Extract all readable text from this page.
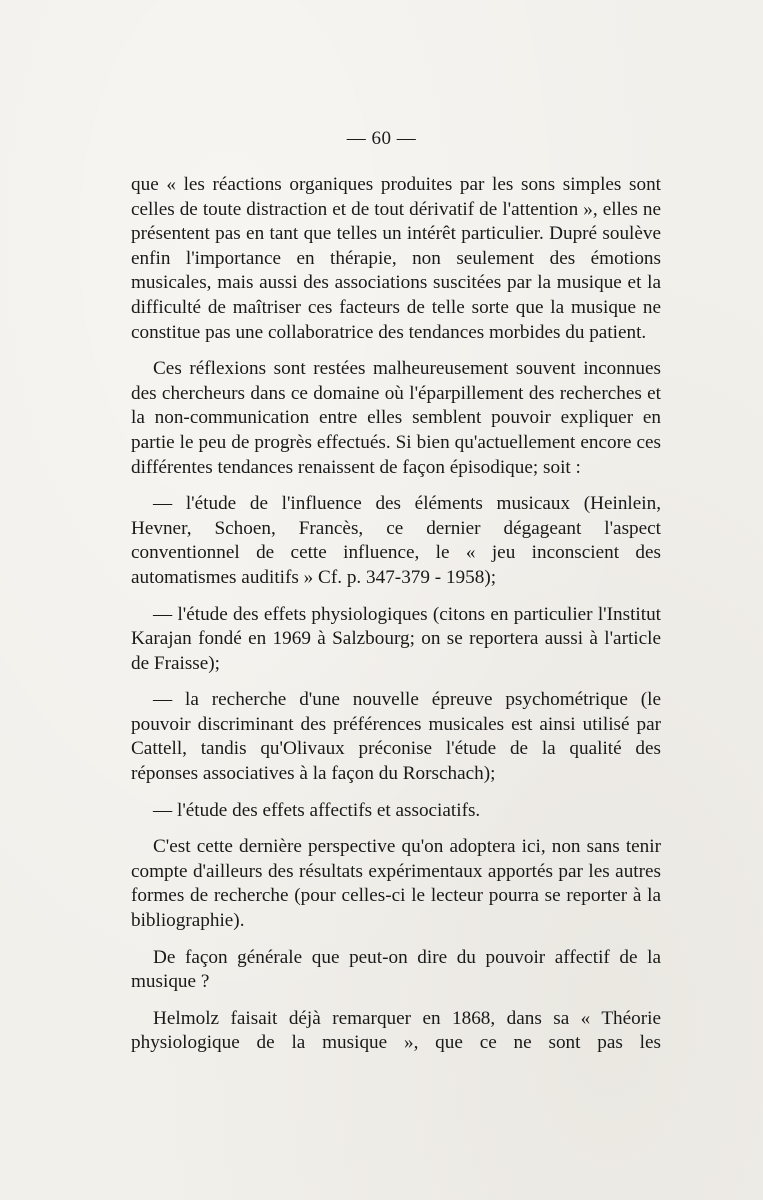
— 60 —

que « les réactions organiques produites par les sons simples sont celles de toute distraction et de tout dérivatif de l'attention », elles ne présentent pas en tant que telles un intérêt particulier. Dupré soulève enfin l'importance en thérapie, non seulement des émotions musicales, mais aussi des associations suscitées par la musique et la difficulté de maîtriser ces facteurs de telle sorte que la musique ne constitue pas une collaboratrice des tendances morbides du patient.

Ces réflexions sont restées malheureusement souvent inconnues des chercheurs dans ce domaine où l'éparpillement des recherches et la non-communication entre elles semblent pouvoir expliquer en partie le peu de progrès effectués. Si bien qu'actuellement encore ces différentes tendances renaissent de façon épisodique; soit :

— l'étude de l'influence des éléments musicaux (Heinlein, Hevner, Schoen, Francès, ce dernier dégageant l'aspect conventionnel de cette influence, le « jeu inconscient des automatismes auditifs » Cf. p. 347-379 - 1958);

— l'étude des effets physiologiques (citons en particulier l'Institut Karajan fondé en 1969 à Salzbourg; on se reportera aussi à l'article de Fraisse);

— la recherche d'une nouvelle épreuve psychométrique (le pouvoir discriminant des préférences musicales est ainsi utilisé par Cattell, tandis qu'Olivaux préconise l'étude de la qualité des réponses associatives à la façon du Rorschach);

— l'étude des effets affectifs et associatifs.

C'est cette dernière perspective qu'on adoptera ici, non sans tenir compte d'ailleurs des résultats expérimentaux apportés par les autres formes de recherche (pour celles-ci le lecteur pourra se reporter à la bibliographie).

De façon générale que peut-on dire du pouvoir affectif de la musique ?

Helmolz faisait déjà remarquer en 1868, dans sa « Théorie physiologique de la musique », que ce ne sont pas les
